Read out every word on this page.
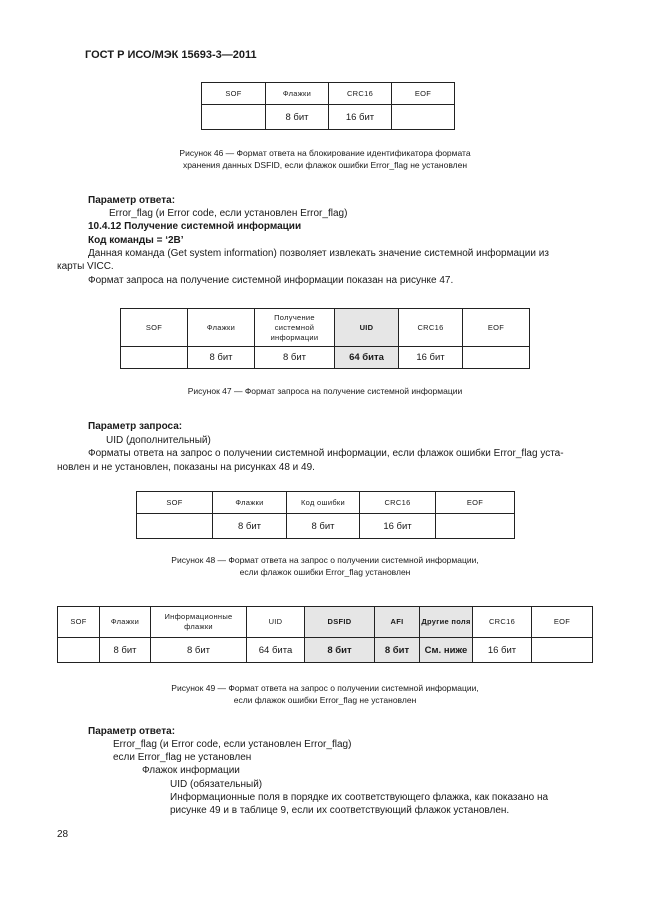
ГОСТ Р ИСО/МЭК 15693-3—2011
SOF	Флажки	CRC16	EOF
	8 бит	16 бит	
Рисунок 46 — Формат ответа на блокирование идентификатора формата
хранения данных DSFID, если флажок ошибки Error_flag не установлен
Параметр ответа:
Error_flag (и Error code, если установлен Error_flag)
10.4.12 Получение системной информации
Код команды = ‘2B’
Данная команда (Get system information) позволяет извлекать значение системной информации из
карты VICC.
Формат запроса на получение системной информации показан на рисунке 47.
SOF	Флажки	Получение системной информации	UID	CRC16	EOF
	8 бит	8 бит	64 бита	16 бит	
Рисунок 47 — Формат запроса на получение системной информации
Параметр запроса:
UID (дополнительный)
Форматы ответа на запрос о получении системной информации, если флажок ошибки Error_flag уста-
новлен и не установлен, показаны на рисунках 48 и 49.
SOF	Флажки	Код ошибки	CRC16	EOF
	8 бит	8 бит	16 бит	
Рисунок 48 — Формат ответа на запрос о получении системной информации,
если флажок ошибки Error_flag установлен
SOF	Флажки	Информационные флажки	UID	DSFID	AFI	Другие поля	CRC16	EOF
	8 бит	8 бит	64 бита	8 бит	8 бит	См. ниже	16 бит	
Рисунок 49 — Формат ответа на запрос о получении системной информации,
если флажок ошибки Error_flag не установлен
Параметр ответа:
Error_flag (и Error code, если установлен Error_flag)
если Error_flag не установлен
Флажок информации
UID (обязательный)
Информационные поля в порядке их соответствующего флажка, как показано на
рисунке 49 и в таблице 9, если их соответствующий флажок установлен.
28
